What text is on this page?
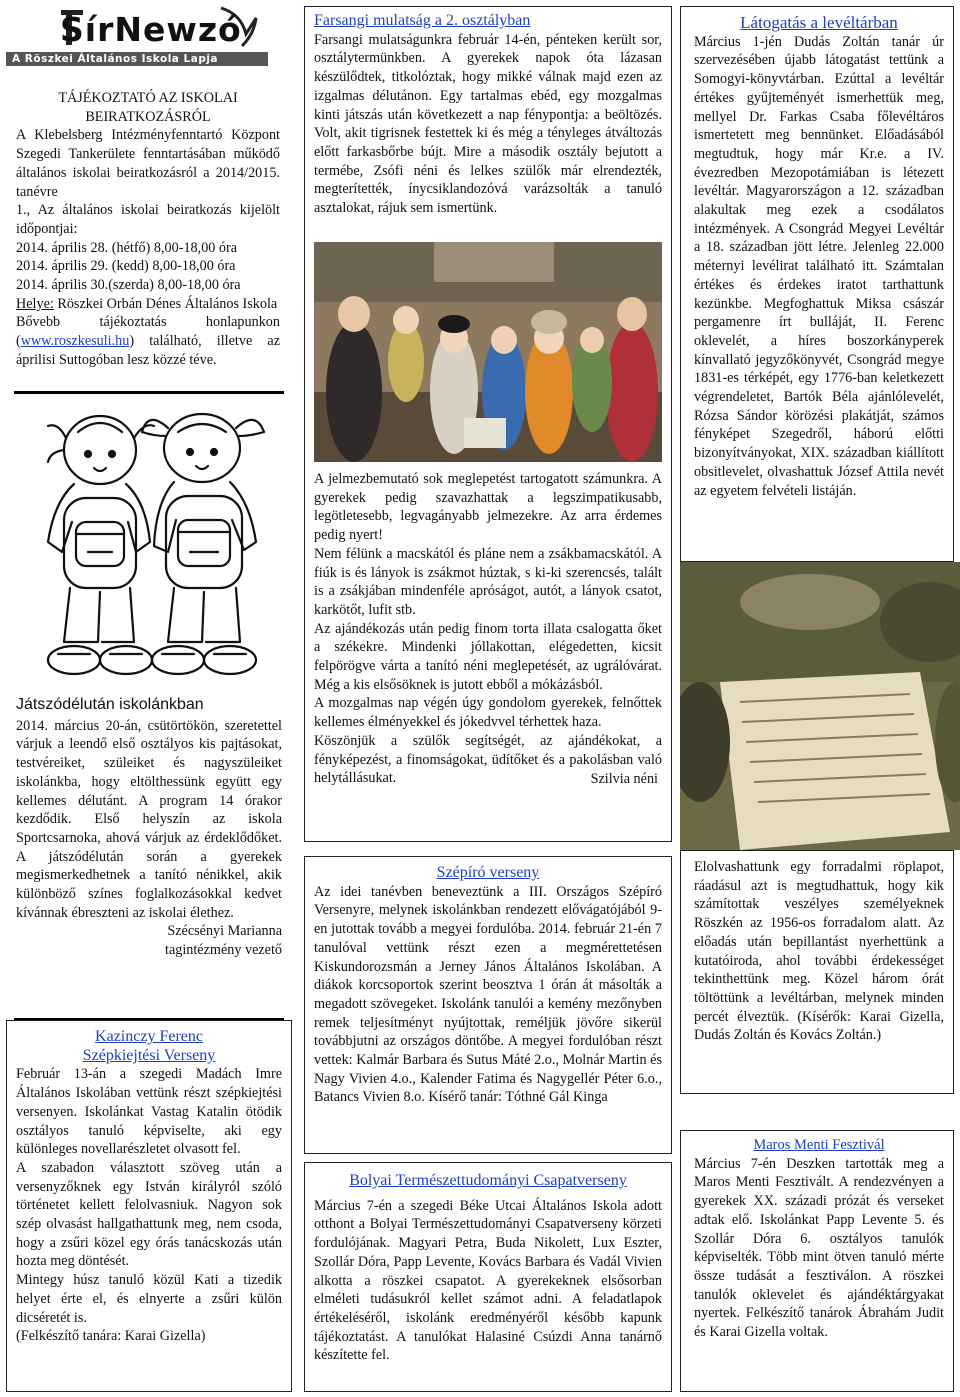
SírNewzó
A Röszkei Általános Iskola Lapja
TÁJÉKOZTATÓ AZ ISKOLAI BEIRATKOZÁSRÓL

A Klebelsberg Intézményfenntartó Központ Szegedi Tankerülete fenntartásában működő általános iskolai beiratkozásról a 2014/2015. tanévre

1., Az általános iskolai beiratkozás kijelölt időpontjai:

2014. április 28. (hétfő) 8,00-18,00 óra

2014. április 29. (kedd) 8,00-18,00 óra

2014. április 30.(szerda) 8,00-18,00 óra

Helye: Röszkei Orbán Dénes Általános Iskola

Bővebb tájékoztatás honlapunkon (www.roszkesuli.hu) található, illetve az áprilisi Suttogóban lesz közzé téve.

Játszódélután iskolánkban

2014. március 20-án, csütörtökön, szeretettel várjuk a leendő első osztályos kis pajtásokat, testvéreiket, szüleiket és nagyszüleiket iskolánkba, hogy eltölthessünk együtt egy kellemes délutánt. A program 14 órakor kezdődik. Első helyszín az iskola Sportcsarnoka, ahová várjuk az érdeklődőket. A játszódélután során a gyerekek megismerkedhetnek a tanító nénikkel, akik különböző színes foglalkozásokkal kedvet kívánnak ébreszteni az iskolai élethez.

Szécsényi Marianna
tagintézmény vezető
Kazinczy Ferenc
Szépkiejtési Verseny

Február 13-án a szegedi Madách Imre Általános Iskolában vettünk részt szépkiejtési versenyen. Iskolánkat Vastag Katalin ötödik osztályos tanuló képviselte, aki egy különleges novellarészletet olvasott fel.

A szabadon választott szöveg után a versenyzőknek egy István királyról szóló történetet kellett felolvasniuk. Nagyon sok szép olvasást hallgathattunk meg, nem csoda, hogy a zsűri közel egy órás tanácskozás után hozta meg döntését.

Mintegy húsz tanuló közül Kati a tizedik helyet érte el, és elnyerte a zsűri külön dicséretét is.

(Felkészítő tanára: Karai Gizella)

Farsangi mulatság a 2. osztályban

Farsangi mulatságunkra február 14-én, pénteken került sor, osztálytermünkben. A gyerekek napok óta lázasan készülődtek, titkolóztak, hogy mikké válnak majd ezen az izgalmas délutánon. Egy tartalmas ebéd, egy mozgalmas kinti játszás után következett a nap fénypontja: a beöltözés. Volt, akit tigrisnek festettek ki és még a tényleges átváltozás előtt farkasbőrbe bújt. Mire a második osztály bejutott a termébe, Zsófi néni és lelkes szülők már elrendezték, megterítették, ínycsiklandozóvá varázsolták a tanuló asztalokat, rájuk sem ismertünk.

A jelmezbemutató sok meglepetést tartogatott számunkra. A gyerekek pedig szavazhattak a legszimpatikusabb, legötletesebb, legvagányabb jelmezekre. Az arra érdemes pedig nyert!

Nem félünk a macskától és pláne nem a zsákbamacskától. A fiúk is és lányok is zsákmot húztak, s ki-ki szerencsés, talált is a zsákjában mindenféle apróságot, autót, a lányok csatot, karkötőt, lufit stb.

Az ajándékozás után pedig finom torta illata csalogatta őket a székekre. Mindenki jóllakottan, elégedetten, kicsit felpörögve várta a tanító néni meglepetését, az ugrálóvárat. Még a kis elsősöknek is jutott ebből a mókázásból.

A mozgalmas nap végén úgy gondolom gyerekek, felnőttek kellemes élményekkel és jókedvvel térhettek haza.

Köszönjük a szülők segítségét, az ajándékokat, a fényképezést, a finomságokat, üdítőket és a pakolásban való helytállásukat.	Szilvia néni
Szépíró verseny

Az idei tanévben beneveztünk a III. Országos Szépíró Versenyre, melynek iskolánkban rendezett elővágatójából 9-en jutottak tovább a megyei fordulóba. 2014. február 21-én 7 tanulóval vettünk részt ezen a megmérettetésen Kiskundorozsmán a Jerney János Általános Iskolában. A diákok korcsoportok szerint beosztva 1 órán át másolták a megadott szövegeket. Iskolánk tanulói a kemény mezőnyben remek teljesítményt nyújtottak, reméljük jövőre sikerül továbbjutni az országos döntőbe. A megyei fordulóban részt vettek: Kalmár Barbara és Sutus Máté 2.o., Molnár Martin és Nagy Vivien 4.o., Kalender Fatima és Nagygellér Péter 6.o., Batancs Vivien 8.o. Kísérő tanár: Tóthné Gál Kinga

Bolyai Természettudományi Csapatverseny

Március 7-én a szegedi Béke Utcai Általános Iskola adott otthont a Bolyai Természettudományi Csapatverseny körzeti fordulójának. Magyari Petra, Buda Nikolett, Lux Eszter, Szollár Dóra, Papp Levente, Kovács Barbara és Vadál Vivien alkotta a röszkei csapatot. A gyerekeknek elsősorban elméleti tudásukról kellet számot adni. A feladatlapok értékeléséről, iskolánk eredményéről később kapunk tájékoztatást. A tanulókat Halasiné Csúzdi Anna tanárnő készítette fel.

Látogatás a levéltárban

Március 1-jén Dudás Zoltán tanár úr szervezésében újabb látogatást tettünk a Somogyi-könyvtárban. Ezúttal a levéltár értékes gyűjteményét ismerhettük meg, mellyel Dr. Farkas Csaba főlevéltáros ismertetett meg bennünket. Előadásából megtudtuk, hogy már Kr.e. a IV. évezredben Mezopotámiában is létezett levéltár. Magyarországon a 12. században alakultak meg ezek a csodálatos intézmények. A Csongrád Megyei Levéltár a 18. században jött létre. Jelenleg 22.000 méternyi levélirat található itt. Számtalan értékes és érdekes iratot tarthattunk kezünkbe. Megfoghattuk Miksa császár pergamenre írt bulláját, II. Ferenc oklevelét, a híres boszorkányperek kínvallató jegyzőkönyvét, Csongrád megye 1831-es térképét, egy 1776-ban keletkezett végrendeletet, Bartók Béla ajánlólevelét, Rózsa Sándor körözési plakátját, számos fényképet Szegedről, háború előtti bizonyítványokat, XIX. században kiállított obsitlevelet, olvashattuk József Attila nevét az egyetem felvételi listáján.

Elolvashattunk egy forradalmi röplapot, ráadásul azt is megtudhattuk, hogy kik számítottak veszélyes személyeknek Röszkén az 1956-os forradalom alatt. Az előadás után bepillantást nyerhettünk a kutatóiroda, ahol további érdekességet tekinthettünk meg. Közel három órát töltöttünk a levéltárban, melynek minden percét élveztük. (Kísérők: Karai Gizella, Dudás Zoltán és Kovács Zoltán.)

Maros Menti Fesztivál

Március 7-én Deszken tartották meg a Maros Menti Fesztivált. A rendezvényen a gyerekek XX. századi prózát és verseket adtak elő. Iskolánkat Papp Levente 5. és Szollár Dóra 6. osztályos tanulók képviselték. Több mint ötven tanuló mérte össze tudását a fesztiválon. A röszkei tanulók oklevelet és ajándéktárgyakat nyertek. Felkészítő tanárok Ábrahám Judit és Karai Gizella voltak.
